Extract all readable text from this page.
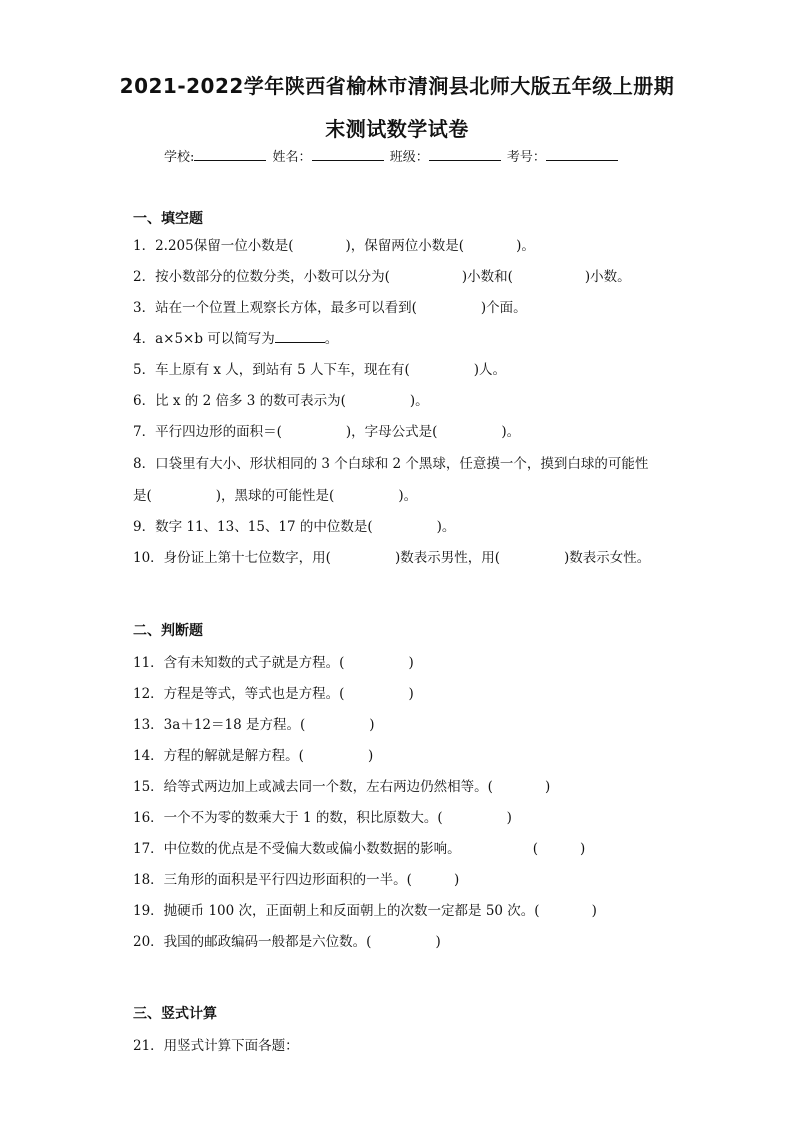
2021-2022学年陕西省榆林市清涧县北师大版五年级上册期
末测试数学试卷
学校:	姓名：	班级：	考号：
一、填空题
1．2.205保留一位小数是(	)，保留两位小数是(	)。
2．按小数部分的位数分类，小数可以分为(	)小数和(	)小数。
3．站在一个位置上观察长方体，最多可以看到(	)个面。
4．a×5×b 可以简写为	。
5．车上原有 x 人，到站有 5 人下车，现在有(	)人。
6．比 x 的 2 倍多 3 的数可表示为(	)。
7．平行四边形的面积＝(	)，字母公式是(	)。
8．口袋里有大小、形状相同的 3 个白球和 2 个黑球，任意摸一个，摸到白球的可能性
是(	)，黑球的可能性是(	)。
9．数字 11、13、15、17 的中位数是(	)。
10．身份证上第十七位数字，用(	)数表示男性，用(	)数表示女性。
二、判断题
11．含有未知数的式子就是方程。(	)
12．方程是等式，等式也是方程。(	)
13．3a＋12＝18 是方程。(	)
14．方程的解就是解方程。(	)
15．给等式两边加上或减去同一个数，左右两边仍然相等。(	)
16．一个不为零的数乘大于 1 的数，积比原数大。(	)
17．中位数的优点是不受偏大数或偏小数数据的影响。	(	)
18．三角形的面积是平行四边形面积的一半。(	)
19．抛硬币 100 次，正面朝上和反面朝上的次数一定都是 50 次。(	)
20．我国的邮政编码一般都是六位数。(	)
三、竖式计算
21．用竖式计算下面各题：
